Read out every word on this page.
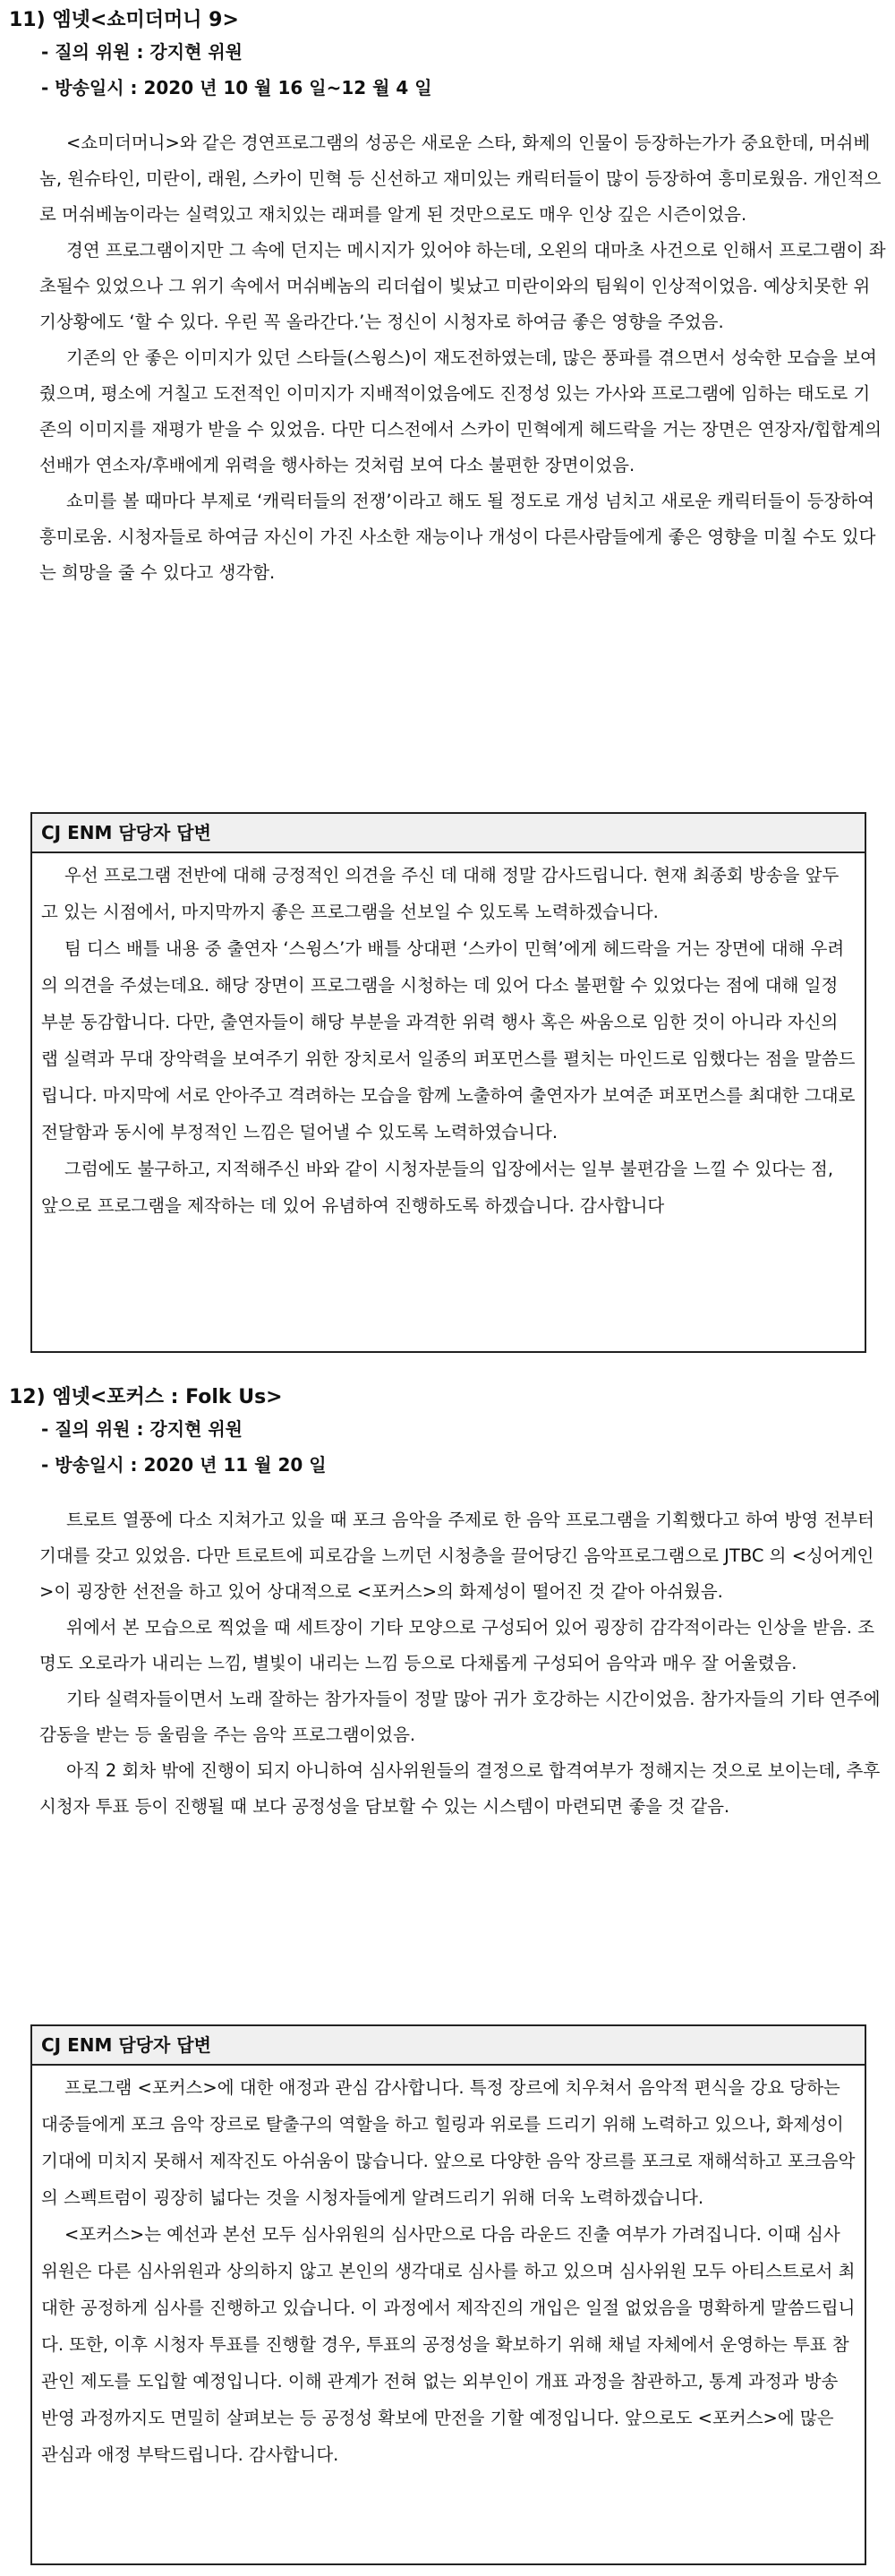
11) 엠넷<쇼미더머니 9>
- 질의 위원 : 강지현 위원
- 방송일시 : 2020 년 10 월 16 일~12 월 4 일

<쇼미더머니>와 같은 경연프로그램의 성공은 새로운 스타, 화제의 인물이 등장하는가가 중요한데, 머쉬베놈, 원슈타인, 미란이, 래원, 스카이 민혁 등 신선하고 재미있는 캐릭터들이 많이 등장하여 흥미로웠음. 개인적으로 머쉬베놈이라는 실력있고 재치있는 래퍼를 알게 된 것만으로도 매우 인상 깊은 시즌이었음.

경연 프로그램이지만 그 속에 던지는 메시지가 있어야 하는데, 오왼의 대마초 사건으로 인해서 프로그램이 좌초될수 있었으나 그 위기 속에서 머쉬베놈의 리더쉽이 빛났고 미란이와의 팀웍이 인상적이었음. 예상치못한 위기상황에도 ‘할 수 있다. 우린 꼭 올라간다.’는 정신이 시청자로 하여금 좋은 영향을 주었음.

기존의 안 좋은 이미지가 있던 스타들(스윙스)이 재도전하였는데, 많은 풍파를 겪으면서 성숙한 모습을 보여줬으며, 평소에 거칠고 도전적인 이미지가 지배적이었음에도 진정성 있는 가사와 프로그램에 임하는 태도로 기존의 이미지를 재평가 받을 수 있었음. 다만 디스전에서 스카이 민혁에게 헤드락을 거는 장면은 연장자/힙합계의 선배가 연소자/후배에게 위력을 행사하는 것처럼 보여 다소 불편한 장면이었음.

쇼미를 볼 때마다 부제로 ‘캐릭터들의 전쟁’이라고 해도 될 정도로 개성 넘치고 새로운 캐릭터들이 등장하여 흥미로움. 시청자들로 하여금 자신이 가진 사소한 재능이나 개성이 다른사람들에게 좋은 영향을 미칠 수도 있다는 희망을 줄 수 있다고 생각함.

CJ ENM 담당자 답변

우선 프로그램 전반에 대해 긍정적인 의견을 주신 데 대해 정말 감사드립니다. 현재 최종회 방송을 앞두고 있는 시점에서, 마지막까지 좋은 프로그램을 선보일 수 있도록 노력하겠습니다.

팀 디스 배틀 내용 중 출연자 ‘스윙스’가 배틀 상대편 ‘스카이 민혁’에게 헤드락을 거는 장면에 대해 우려의 의견을 주셨는데요. 해당 장면이 프로그램을 시청하는 데 있어 다소 불편할 수 있었다는 점에 대해 일정 부분 동감합니다. 다만, 출연자들이 해당 부분을 과격한 위력 행사 혹은 싸움으로 임한 것이 아니라 자신의 랩 실력과 무대 장악력을 보여주기 위한 장치로서 일종의 퍼포먼스를 펼치는 마인드로 임했다는 점을 말씀드립니다. 마지막에 서로 안아주고 격려하는 모습을 함께 노출하여 출연자가 보여준 퍼포먼스를 최대한 그대로 전달함과 동시에 부정적인 느낌은 덜어낼 수 있도록 노력하였습니다.

그럼에도 불구하고, 지적해주신 바와 같이 시청자분들의 입장에서는 일부 불편감을 느낄 수 있다는 점, 앞으로 프로그램을 제작하는 데 있어 유념하여 진행하도록 하겠습니다. 감사합니다

12) 엠넷<포커스 : Folk Us>
- 질의 위원 : 강지현 위원
- 방송일시 : 2020 년 11 월 20 일

트로트 열풍에 다소 지쳐가고 있을 때 포크 음악을 주제로 한 음악 프로그램을 기획했다고 하여 방영 전부터 기대를 갖고 있었음. 다만 트로트에 피로감을 느끼던 시청층을 끌어당긴 음악프로그램으로 JTBC 의 <싱어게인>이 굉장한 선전을 하고 있어 상대적으로 <포커스>의 화제성이 떨어진 것 같아 아쉬웠음.

위에서 본 모습으로 찍었을 때 세트장이 기타 모양으로 구성되어 있어 굉장히 감각적이라는 인상을 받음. 조명도 오로라가 내리는 느낌, 별빛이 내리는 느낌 등으로 다채롭게 구성되어 음악과 매우 잘 어울렸음.

기타 실력자들이면서 노래 잘하는 참가자들이 정말 많아 귀가 호강하는 시간이었음. 참가자들의 기타 연주에 감동을 받는 등 울림을 주는 음악 프로그램이었음.

아직 2 회차 밖에 진행이 되지 아니하여 심사위원들의 결정으로 합격여부가 정해지는 것으로 보이는데, 추후 시청자 투표 등이 진행될 때 보다 공정성을 담보할 수 있는 시스템이 마련되면 좋을 것 같음.

CJ ENM 담당자 답변

프로그램 <포커스>에 대한 애정과 관심 감사합니다. 특정 장르에 치우쳐서 음악적 편식을 강요 당하는 대중들에게 포크 음악 장르로 탈출구의 역할을 하고 힐링과 위로를 드리기 위해 노력하고 있으나, 화제성이 기대에 미치지 못해서 제작진도 아쉬움이 많습니다. 앞으로 다양한 음악 장르를 포크로 재해석하고 포크음악의 스펙트럼이 굉장히 넓다는 것을 시청자들에게 알려드리기 위해 더욱 노력하겠습니다.

<포커스>는 예선과 본선 모두 심사위원의 심사만으로 다음 라운드 진출 여부가 가려집니다. 이때 심사위원은 다른 심사위원과 상의하지 않고 본인의 생각대로 심사를 하고 있으며 심사위원 모두 아티스트로서 최대한 공정하게 심사를 진행하고 있습니다. 이 과정에서 제작진의 개입은 일절 없었음을 명확하게 말씀드립니다. 또한, 이후 시청자 투표를 진행할 경우, 투표의 공정성을 확보하기 위해 채널 자체에서 운영하는 투표 참관인 제도를 도입할 예정입니다. 이해 관계가 전혀 없는 외부인이 개표 과정을 참관하고, 통계 과정과 방송 반영 과정까지도 면밀히 살펴보는 등 공정성 확보에 만전을 기할 예정입니다. 앞으로도 <포커스>에 많은 관심과 애정 부탁드립니다. 감사합니다.
